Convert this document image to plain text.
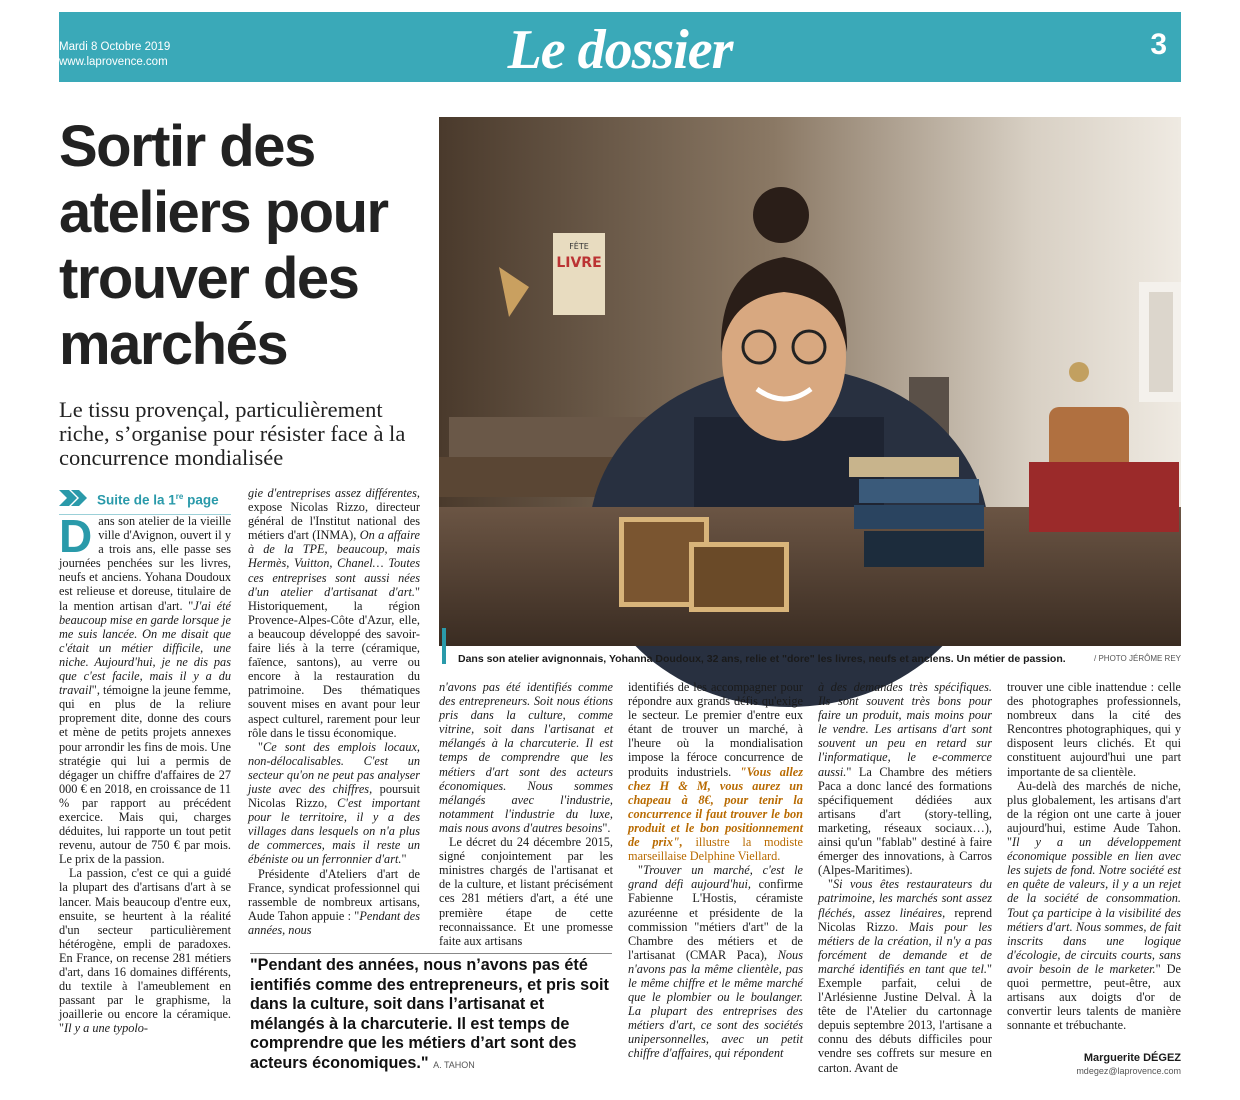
Mardi 8 Octobre 2019
www.laprovence.com	Le dossier	3
Sortir des ateliers pour trouver des marchés

Le tissu provençal, particulièrement riche, s’organise pour résister face à la concurrence mondialisée

Suite de la 1re page

Dans son atelier de la vieille ville d'Avignon, ouvert il y a trois ans, elle passe ses journées penchées sur les livres, neufs et anciens. Yohana Doudoux est relieuse et doreuse, titulaire de la mention artisan d'art. "J'ai été beaucoup mise en garde lorsque je me suis lancée. On me disait que c'était un métier difficile, une niche. Aujourd'hui, je ne dis pas que c'est facile, mais il y a du travail", témoigne la jeune femme, qui en plus de la reliure proprement dite, donne des cours et mène de petits projets annexes pour arrondir les fins de mois. Une stratégie qui lui a permis de dégager un chiffre d'affaires de 27 000 € en 2018, en croissance de 11 % par rapport au précédent exercice. Mais qui, charges déduites, lui rapporte un tout petit revenu, autour de 750 € par mois. Le prix de la passion.

La passion, c'est ce qui a guidé la plupart des d'artisans d'art à se lancer. Mais beaucoup d'entre eux, ensuite, se heurtent à la réalité d'un secteur particulièrement hétérogène, empli de paradoxes. En France, on recense 281 métiers d'art, dans 16 domaines différents, du textile à l'ameublement en passant par le graphisme, la joaillerie ou encore la céramique. "Il y a une typolo-

gie d'entreprises assez différentes, expose Nicolas Rizzo, directeur général de l'Institut national des métiers d'art (INMA), On a affaire à de la TPE, beaucoup, mais Hermès, Vuitton, Chanel… Toutes ces entreprises sont aussi nées d'un atelier d'artisanat d'art." Historiquement, la région Provence-Alpes-Côte d'Azur, elle, a beaucoup développé des savoir-faire liés à la terre (céramique, faïence, santons), au verre ou encore à la restauration du patrimoine. Des thématiques souvent mises en avant pour leur aspect culturel, rarement pour leur rôle dans le tissu économique.

"Ce sont des emplois locaux, non-délocalisables. C'est un secteur qu'on ne peut pas analyser juste avec des chiffres, poursuit Nicolas Rizzo, C'est important pour le territoire, il y a des villages dans lesquels on n'a plus de commerces, mais il reste un ébéniste ou un ferronnier d'art."

Présidente d'Ateliers d'art de France, syndicat professionnel qui rassemble de nombreux artisans, Aude Tahon appuie : "Pendant des années, nous

FÊTE
LIVRE
Dans son atelier avignonnais, Yohanna Doudoux, 32 ans, relie et "dore" les livres, neufs et anciens. Un métier de passion.	/ PHOTO JÉRÔME REY

n'avons pas été identifiés comme des entrepreneurs. Soit nous étions pris dans la culture, comme vitrine, soit dans l'artisanat et mélangés à la charcuterie. Il est temps de comprendre que les métiers d'art sont des acteurs économiques. Nous sommes mélangés avec l'industrie, notamment l'industrie du luxe, mais nous avons d'autres besoins".

Le décret du 24 décembre 2015, signé conjointement par les ministres chargés de l'artisanat et de la culture, et listant précisément ces 281 métiers d'art, a été une première étape de cette reconnaissance. Et une promesse faite aux artisans

"Pendant des années, nous n’avons pas été ientifiés comme des entrepreneurs, et pris soit dans la culture, soit dans l’artisanat et mélangés à la charcuterie. Il est temps de comprendre que les métiers d’art sont des acteurs économiques." A. TAHON

identifiés de les accompagner pour répondre aux grands défis qu'exige le secteur. Le premier d'entre eux étant de trouver un marché, à l'heure où la mondialisation impose la féroce concurrence de produits industriels. "Vous allez chez H & M, vous aurez un chapeau à 8€, pour tenir la concurrence il faut trouver le bon produit et le bon positionnement de prix", illustre la modiste marseillaise Delphine Viellard.

"Trouver un marché, c'est le grand défi aujourd'hui, confirme Fabienne L'Hostis, céramiste azuréenne et présidente de la commission "métiers d'art" de la Chambre des métiers et de l'artisanat (CMAR Paca), Nous n'avons pas la même clientèle, pas le même chiffre et le même marché que le plombier ou le boulanger. La plupart des entreprises des métiers d'art, ce sont des sociétés unipersonnelles, avec un petit chiffre d'affaires, qui répondent

à des demandes très spécifiques. Ils sont souvent très bons pour faire un produit, mais moins pour le vendre. Les artisans d'art sont souvent un peu en retard sur l'informatique, le e-commerce aussi." La Chambre des métiers Paca a donc lancé des formations spécifiquement dédiées aux artisans d'art (story-telling, marketing, réseaux sociaux…), ainsi qu'un "fablab" destiné à faire émerger des innovations, à Carros (Alpes-Maritimes).

"Si vous êtes restaurateurs du patrimoine, les marchés sont assez fléchés, assez linéaires, reprend Nicolas Rizzo. Mais pour les métiers de la création, il n'y a pas forcément de demande et de marché identifiés en tant que tel." Exemple parfait, celui de l'Arlésienne Justine Delval. À la tête de l'Atelier du cartonnage depuis septembre 2013, l'artisane a connu des débuts difficiles pour vendre ses coffrets sur mesure en carton. Avant de

trouver une cible inattendue : celle des photographes professionnels, nombreux dans la cité des Rencontres photographiques, qui y disposent leurs clichés. Et qui constituent aujourd'hui une part importante de sa clientèle.

Au-delà des marchés de niche, plus globalement, les artisans d'art de la région ont une carte à jouer aujourd'hui, estime Aude Tahon. "Il y a un développement économique possible en lien avec les sujets de fond. Notre société est en quête de valeurs, il y a un rejet de la société de consommation. Tout ça participe à la visibilité des métiers d'art. Nous sommes, de fait inscrits dans une logique d'écologie, de circuits courts, sans avoir besoin de le marketer." De quoi permettre, peut-être, aux artisans aux doigts d'or de convertir leurs talents de manière sonnante et trébuchante.

Marguerite DÉGEZ
mdegez@laprovence.com
